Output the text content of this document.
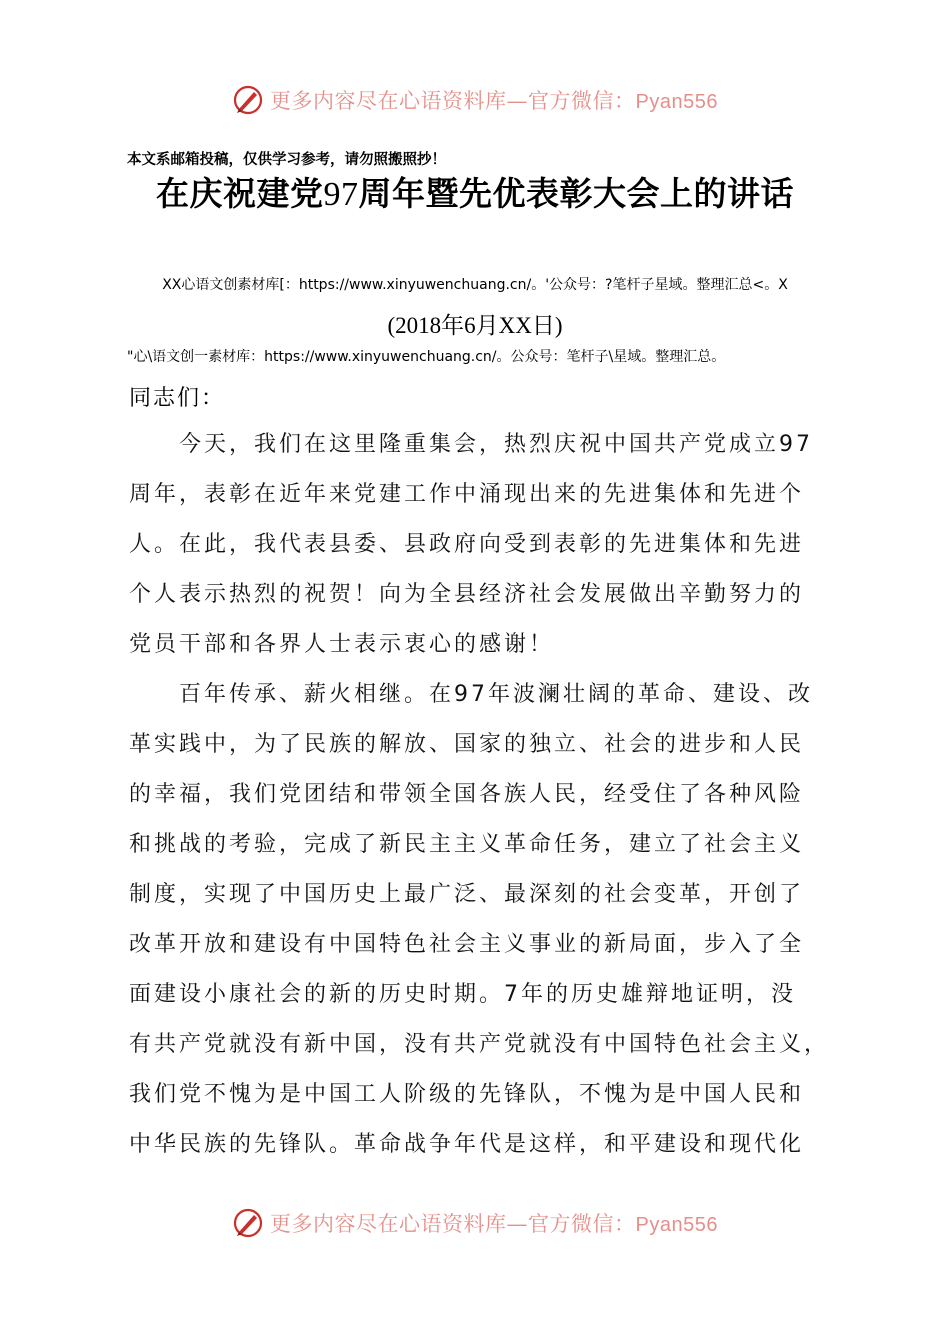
更多内容尽在心语资料库—官方微信：Pyan556
本文系邮箱投稿，仅供学习参考，请勿照搬照抄！
在庆祝建党97周年暨先优表彰大会上的讲话
XX心语文创素材库[：https://www.xinyuwenchuang.cn/。'公众号：?笔杆子星域。整理汇总<。X
(2018年6月XX日)
"心\语文创一素材库：https://www.xinyuwenchuang.cn/。公众号：笔杆子\星域。整理汇总。
同志们：
　　今天，我们在这里隆重集会，热烈庆祝中国共产党成立97
周年，表彰在近年来党建工作中涌现出来的先进集体和先进个
人。在此，我代表县委、县政府向受到表彰的先进集体和先进
个人表示热烈的祝贺！向为全县经济社会发展做出辛勤努力的
党员干部和各界人士表示衷心的感谢！
　　百年传承、薪火相继。在97年波澜壮阔的革命、建设、改
革实践中，为了民族的解放、国家的独立、社会的进步和人民
的幸福，我们党团结和带领全国各族人民，经受住了各种风险
和挑战的考验，完成了新民主主义革命任务，建立了社会主义
制度，实现了中国历史上最广泛、最深刻的社会变革，开创了
改革开放和建设有中国特色社会主义事业的新局面，步入了全
面建设小康社会的新的历史时期。7年的历史雄辩地证明，没
有共产党就没有新中国，没有共产党就没有中国特色社会主义，
我们党不愧为是中国工人阶级的先锋队，不愧为是中国人民和
中华民族的先锋队。革命战争年代是这样，和平建设和现代化
更多内容尽在心语资料库—官方微信：Pyan556
